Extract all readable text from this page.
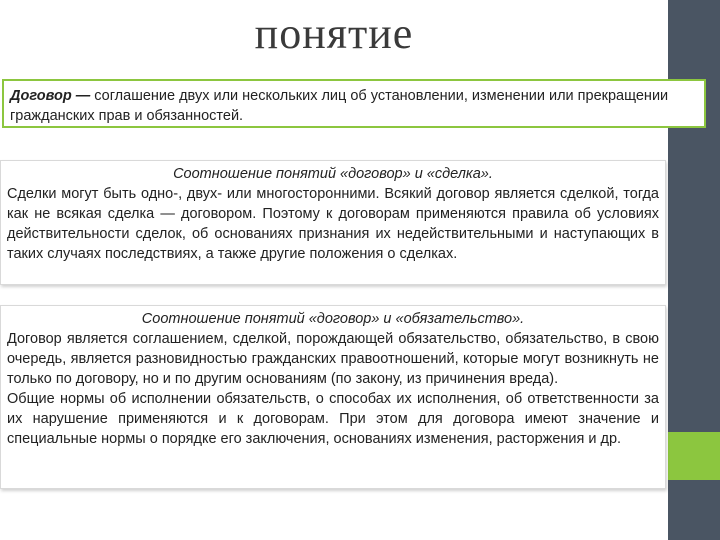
понятие
Договор — соглашение двух или нескольких лиц об установлении, изменении или прекращении гражданских прав и обязанностей.
Соотношение понятий «договор» и «сделка».

Сделки могут быть одно-, двух- или многосторонними. Всякий договор является сделкой, тогда как не всякая сделка — договором. Поэтому к договорам применяются правила об условиях действительности сделок, об основаниях признания их недействительными и наступающих в таких случаях последствиях, а также другие положения о сделках.

Соотношение понятий «договор» и «обязательство».

Договор является соглашением, сделкой, порождающей обязательство, обязательство, в свою очередь, является разновидностью гражданских правоотношений, которые могут возникнуть не только по договору, но и по другим основаниям (по закону, из причинения вреда).

Общие нормы об исполнении обязательств, о способах их исполнения, об ответственности за их нарушение применяются и к договорам. При этом для договора имеют значение и специальные нормы о порядке его заключения, основаниях изменения, расторжения и др.
